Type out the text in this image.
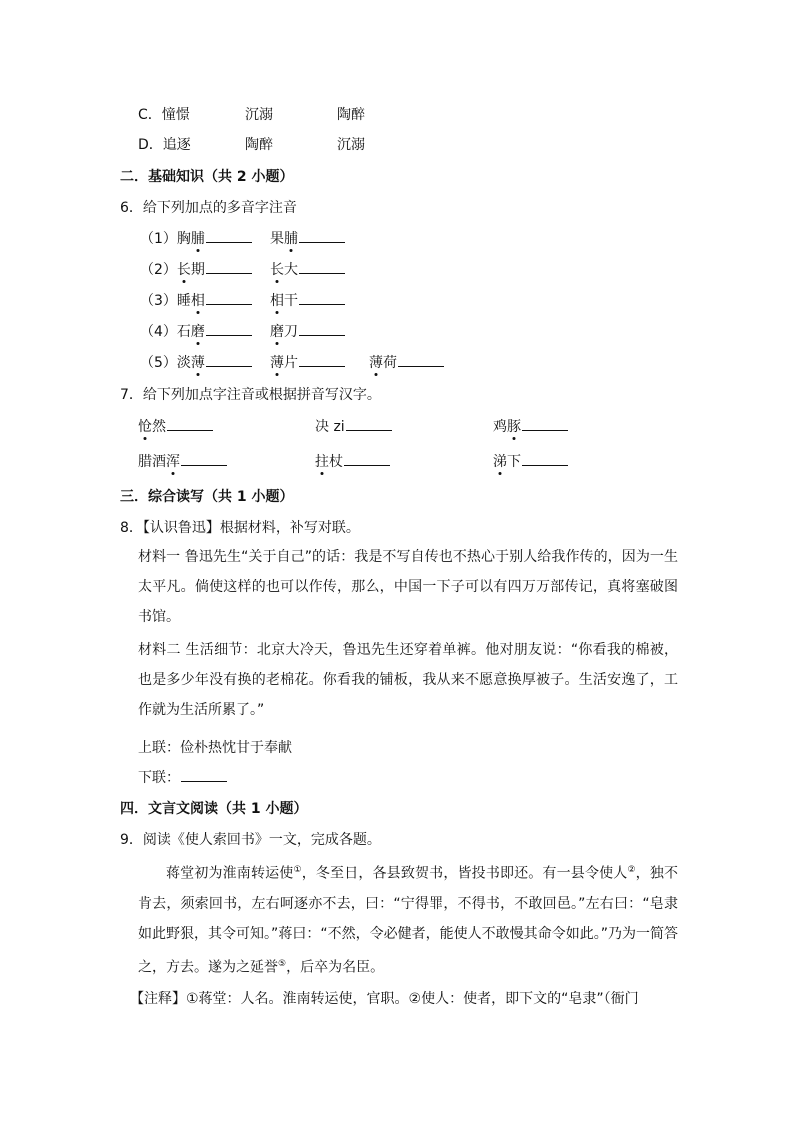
C．憧憬	沉溺	陶醉
D．追逐	陶醉	沉溺
二．基础知识（共 2 小题）
6．给下列加点的多音字注音
（1）胸脯	果脯
（2）长期	长大
（3）睡相	相干
（4）石磨	磨刀
（5）淡薄	薄片	薄荷
7．给下列加点字注音或根据拼音写汉字。
怆然	决 zi	鸡豚
腊酒浑	拄杖	涕下
三．综合读写（共 1 小题）
8．【认识鲁迅】根据材料，补写对联。
材料一 鲁迅先生“关于自己”的话：我是不写自传也不热心于别人给我作传的，因为一生太平凡。倘使这样的也可以作传，那么，中国一下子可以有四万万部传记，真将塞破图书馆。
材料二 生活细节：北京大冷天，鲁迅先生还穿着单裤。他对朋友说：“你看我的棉被，也是多少年没有换的老棉花。你看我的铺板，我从来不愿意换厚被子。生活安逸了，工作就为生活所累了。”
上联：俭朴热忱甘于奉献
下联：
四．文言文阅读（共 1 小题）
9．阅读《使人索回书》一文，完成各题。
蒋堂初为淮南转运使①，冬至日，各县致贺书，皆投书即还。有一县令使人②，独不肯去，须索回书，左右呵逐亦不去，曰：“宁得罪，不得书，不敢回邑。”左右曰：“皂隶如此野狠，其令可知。”蒋曰：“不然，令必健者，能使人不敢慢其命令如此。”乃为一简答之，方去。遂为之延誉⑤，后卒为名臣。
【注释】①蒋堂：人名。淮南转运使，官职。②使人：使者，即下文的“皂隶”（衙门
